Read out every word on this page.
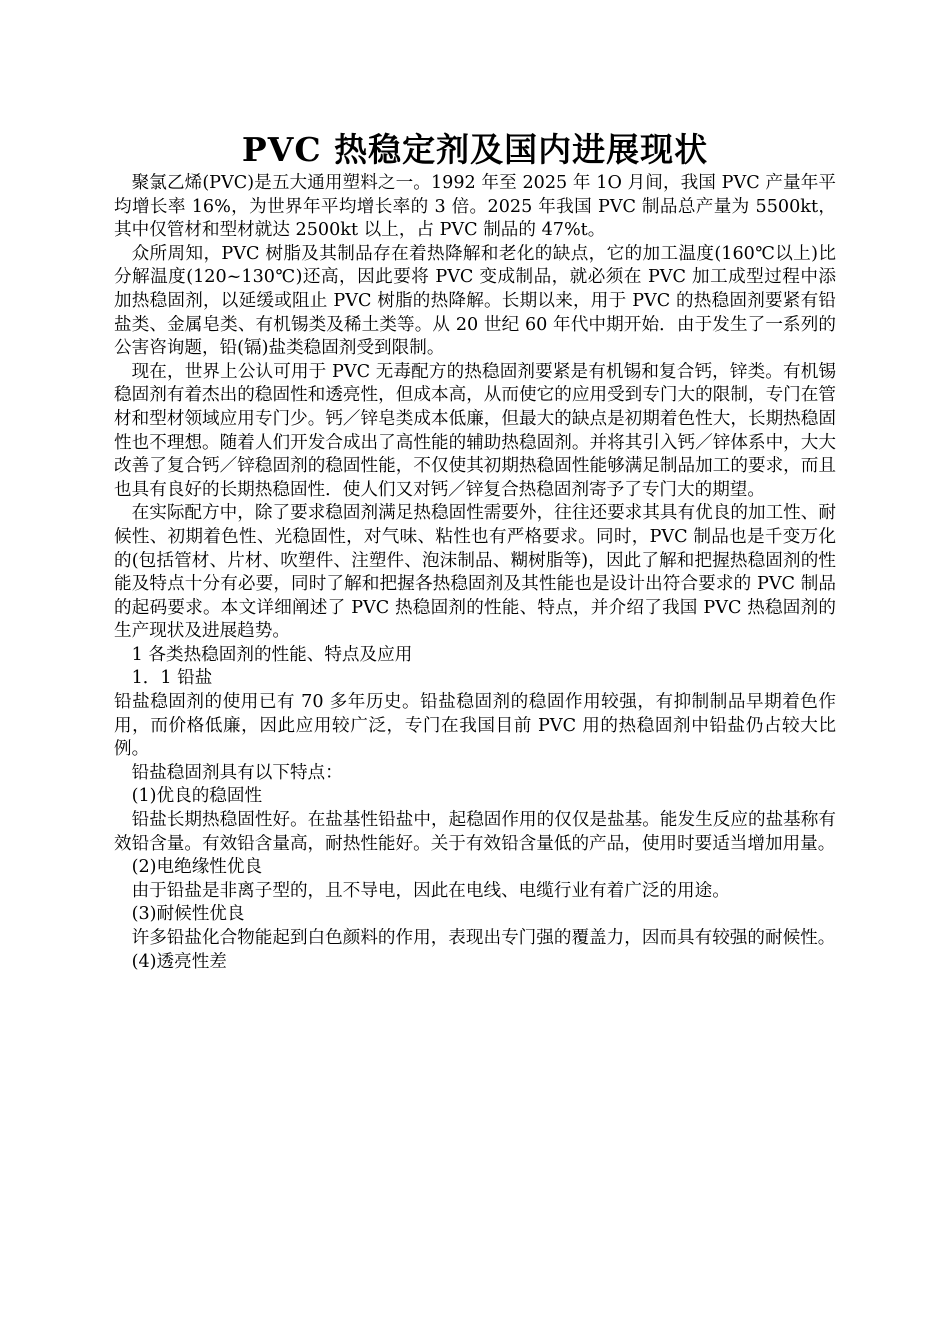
PVC 热稳定剂及国内进展现状

聚氯乙烯(PVC)是五大通用塑料之一。1992 年至 2025 年 1O 月间，我国 PVC 产量年平均增长率 16%，为世界年平均增长率的 3 倍。2025 年我国 PVC 制品总产量为 5500kt，其中仅管材和型材就达 2500kt 以上，占 PVC 制品的 47%t。

众所周知，PVC 树脂及其制品存在着热降解和老化的缺点，它的加工温度(160℃以上)比分解温度(120~130℃)还高，因此要将 PVC 变成制品，就必须在 PVC 加工成型过程中添加热稳固剂，以延缓或阻止 PVC 树脂的热降解。长期以来，用于 PVC 的热稳固剂要紧有铅盐类、金属皂类、有机锡类及稀土类等。从 20 世纪 60 年代中期开始．由于发生了一系列的公害咨询题，铅(镉)盐类稳固剂受到限制。

现在，世界上公认可用于 PVC 无毒配方的热稳固剂要紧是有机锡和复合钙，锌类。有机锡稳固剂有着杰出的稳固性和透亮性，但成本高，从而使它的应用受到专门大的限制，专门在管材和型材领域应用专门少。钙／锌皂类成本低廉，但最大的缺点是初期着色性大，长期热稳固性也不理想。随着人们开发合成出了高性能的辅助热稳固剂。并将其引入钙／锌体系中，大大改善了复合钙／锌稳固剂的稳固性能，不仅使其初期热稳固性能够满足制品加工的要求，而且也具有良好的长期热稳固性．使人们又对钙／锌复合热稳固剂寄予了专门大的期望。

在实际配方中，除了要求稳固剂满足热稳固性需要外，往往还要求其具有优良的加工性、耐候性、初期着色性、光稳固性，对气味、粘性也有严格要求。同时，PVC 制品也是千变万化的(包括管材、片材、吹塑件、注塑件、泡沫制品、糊树脂等)，因此了解和把握热稳固剂的性能及特点十分有必要，同时了解和把握各热稳固剂及其性能也是设计出符合要求的 PVC 制品的起码要求。本文详细阐述了 PVC 热稳固剂的性能、特点，并介绍了我国 PVC 热稳固剂的生产现状及进展趋势。

1 各类热稳固剂的性能、特点及应用

1．1 铅盐

铅盐稳固剂的使用已有 70 多年历史。铅盐稳固剂的稳固作用较强，有抑制制品早期着色作用，而价格低廉，因此应用较广泛，专门在我国目前 PVC 用的热稳固剂中铅盐仍占较大比例。

铅盐稳固剂具有以下特点：

(1)优良的稳固性

铅盐长期热稳固性好。在盐基性铅盐中，起稳固作用的仅仅是盐基。能发生反应的盐基称有效铅含量。有效铅含量高，耐热性能好。关于有效铅含量低的产品，使用时要适当增加用量。

(2)电绝缘性优良

由于铅盐是非离子型的，且不导电，因此在电线、电缆行业有着广泛的用途。

(3)耐候性优良

许多铅盐化合物能起到白色颜料的作用，表现出专门强的覆盖力，因而具有较强的耐候性。

(4)透亮性差
